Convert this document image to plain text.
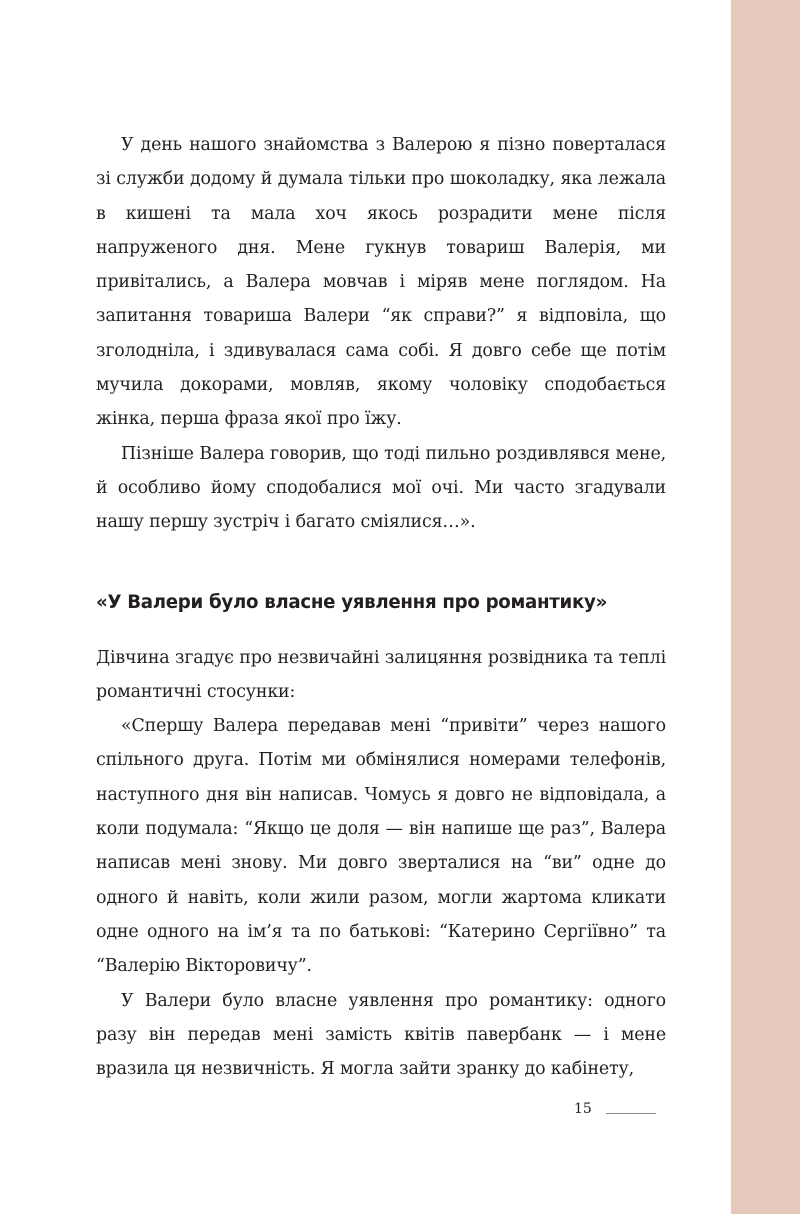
У день нашого знайомства з Валерою я пізно поверталася зі служби додому й думала тільки про шоколадку, яка лежала в кишені та мала хоч якось розрадити мене після напруженого дня. Мене гукнув товариш Валерія, ми привітались, а Валера мовчав і міряв мене поглядом. На запитання товариша Валери “як справи?” я відповіла, що зголодніла, і здивувалася сама собі. Я довго себе ще потім мучила докорами, мовляв, якому чоловіку сподобається жінка, перша фраза якої про їжу.

Пізніше Валера говорив, що тоді пильно роздивлявся мене, й особливо йому сподобалися мої очі. Ми часто згадували нашу першу зустріч і багато сміялися…».

«У Валери було власне уявлення про романтику»

Дівчина згадує про незвичайні залицяння розвідника та теплі романтичні стосунки:

«Спершу Валера передавав мені “привіти” через нашого спільного друга. Потім ми обмінялися номерами телефонів, наступного дня він написав. Чомусь я довго не відповідала, а коли подумала: “Якщо це доля — він напише ще раз”, Валера написав мені знову. Ми довго зверталися на “ви” одне до одного й навіть, коли жили разом, могли жартома кликати одне одного на ім’я та по батькові: “Катерино Сергіївно” та “Валерію Вікторовичу”.

У Валери було власне уявлення про романтику: одного разу він передав мені замість квітів павербанк — і мене вразила ця незвичність. Я могла зайти зранку до кабінету,

15
